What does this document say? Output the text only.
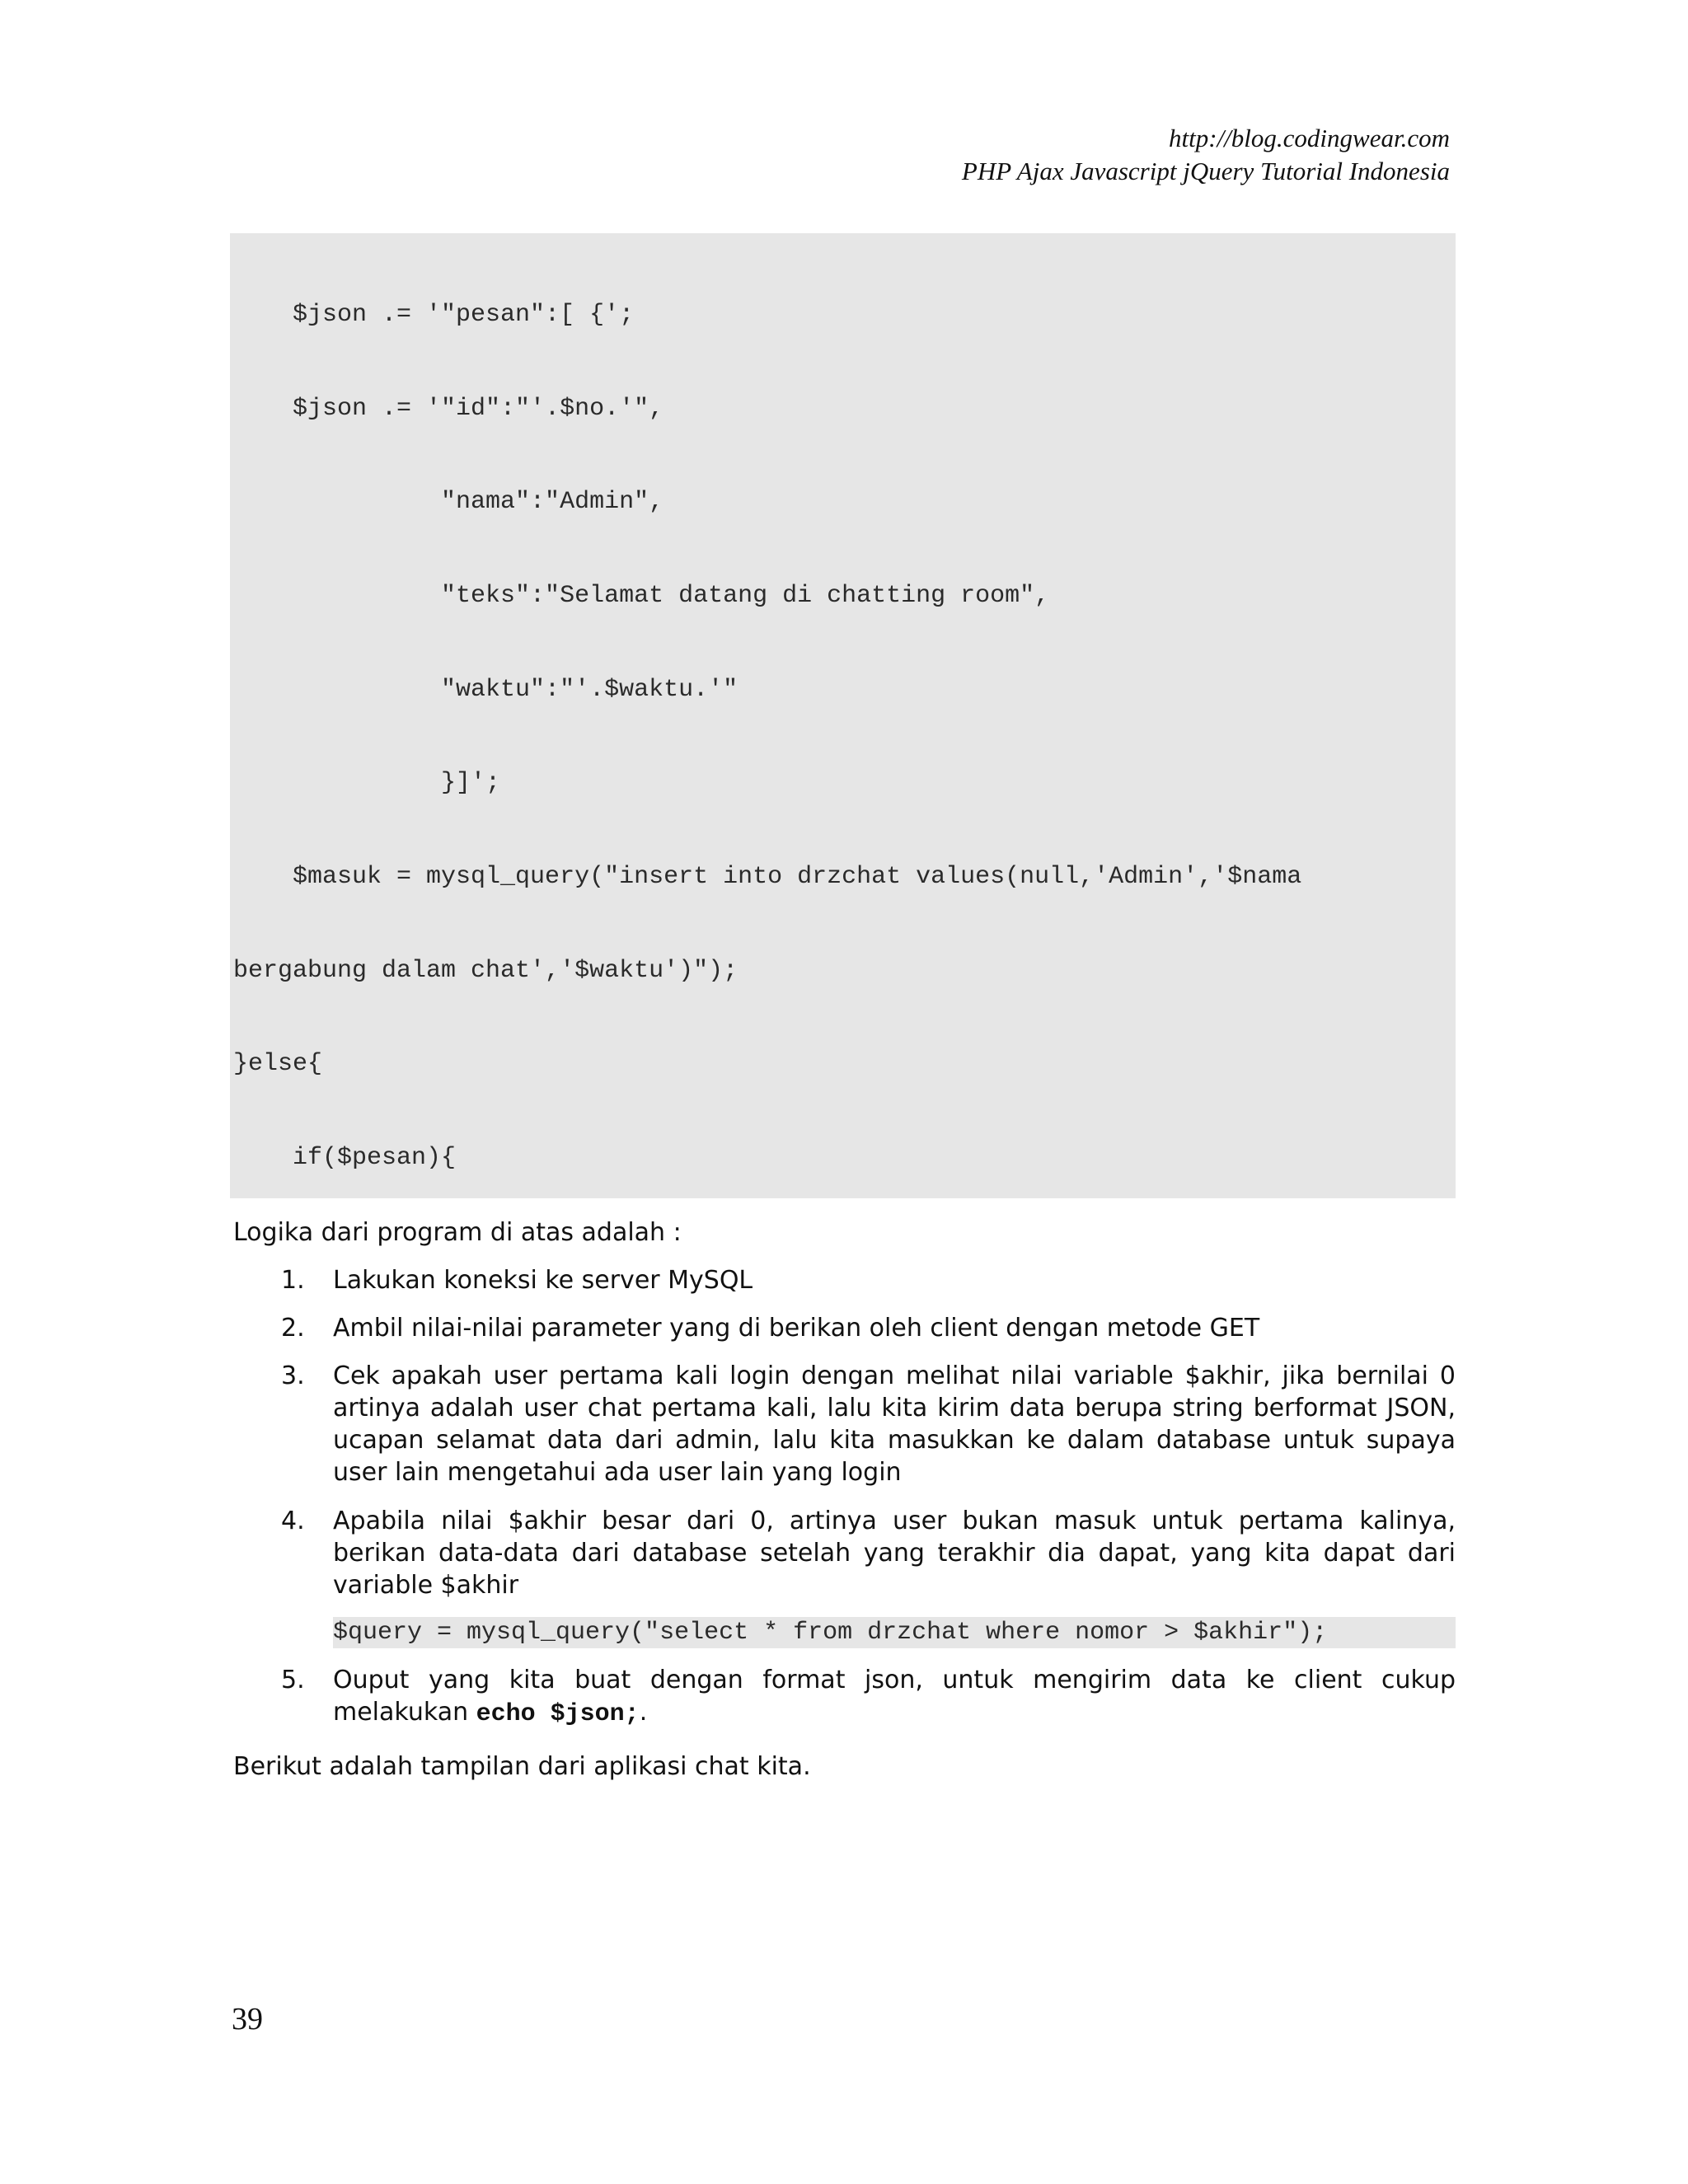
http://blog.codingwear.com
PHP Ajax Javascript jQuery Tutorial Indonesia

$json .= '"pesan":[ {';

$json .= '"id":"'.$no.'",

"nama":"Admin",

"teks":"Selamat datang di chatting room",

"waktu":"'.$waktu.'"

}]';

$masuk = mysql_query("insert into drzchat values(null,'Admin','$nama

bergabung dalam chat','$waktu')");

}else{

if($pesan){

Logika dari program di atas adalah :
1.	Lakukan koneksi ke server MySQL
2.	Ambil nilai-nilai parameter yang di berikan oleh client dengan metode GET
3.	Cek apakah user pertama kali login dengan melihat nilai variable $akhir, jika bernilai 0 artinya adalah user chat pertama kali, lalu kita kirim data berupa string berformat JSON, ucapan selamat data dari admin, lalu kita masukkan ke dalam database untuk supaya user lain mengetahui ada user lain yang login
4.	Apabila nilai $akhir besar dari 0, artinya user bukan masuk untuk pertama kalinya, berikan data-data dari database setelah yang terakhir dia dapat, yang kita dapat dari variable $akhir
$query = mysql_query("select * from drzchat where nomor > $akhir");
5.	Ouput yang kita buat dengan format json, untuk mengirim data ke client cukup melakukan echo $json;.
Berikut adalah tampilan dari aplikasi chat kita.
39
